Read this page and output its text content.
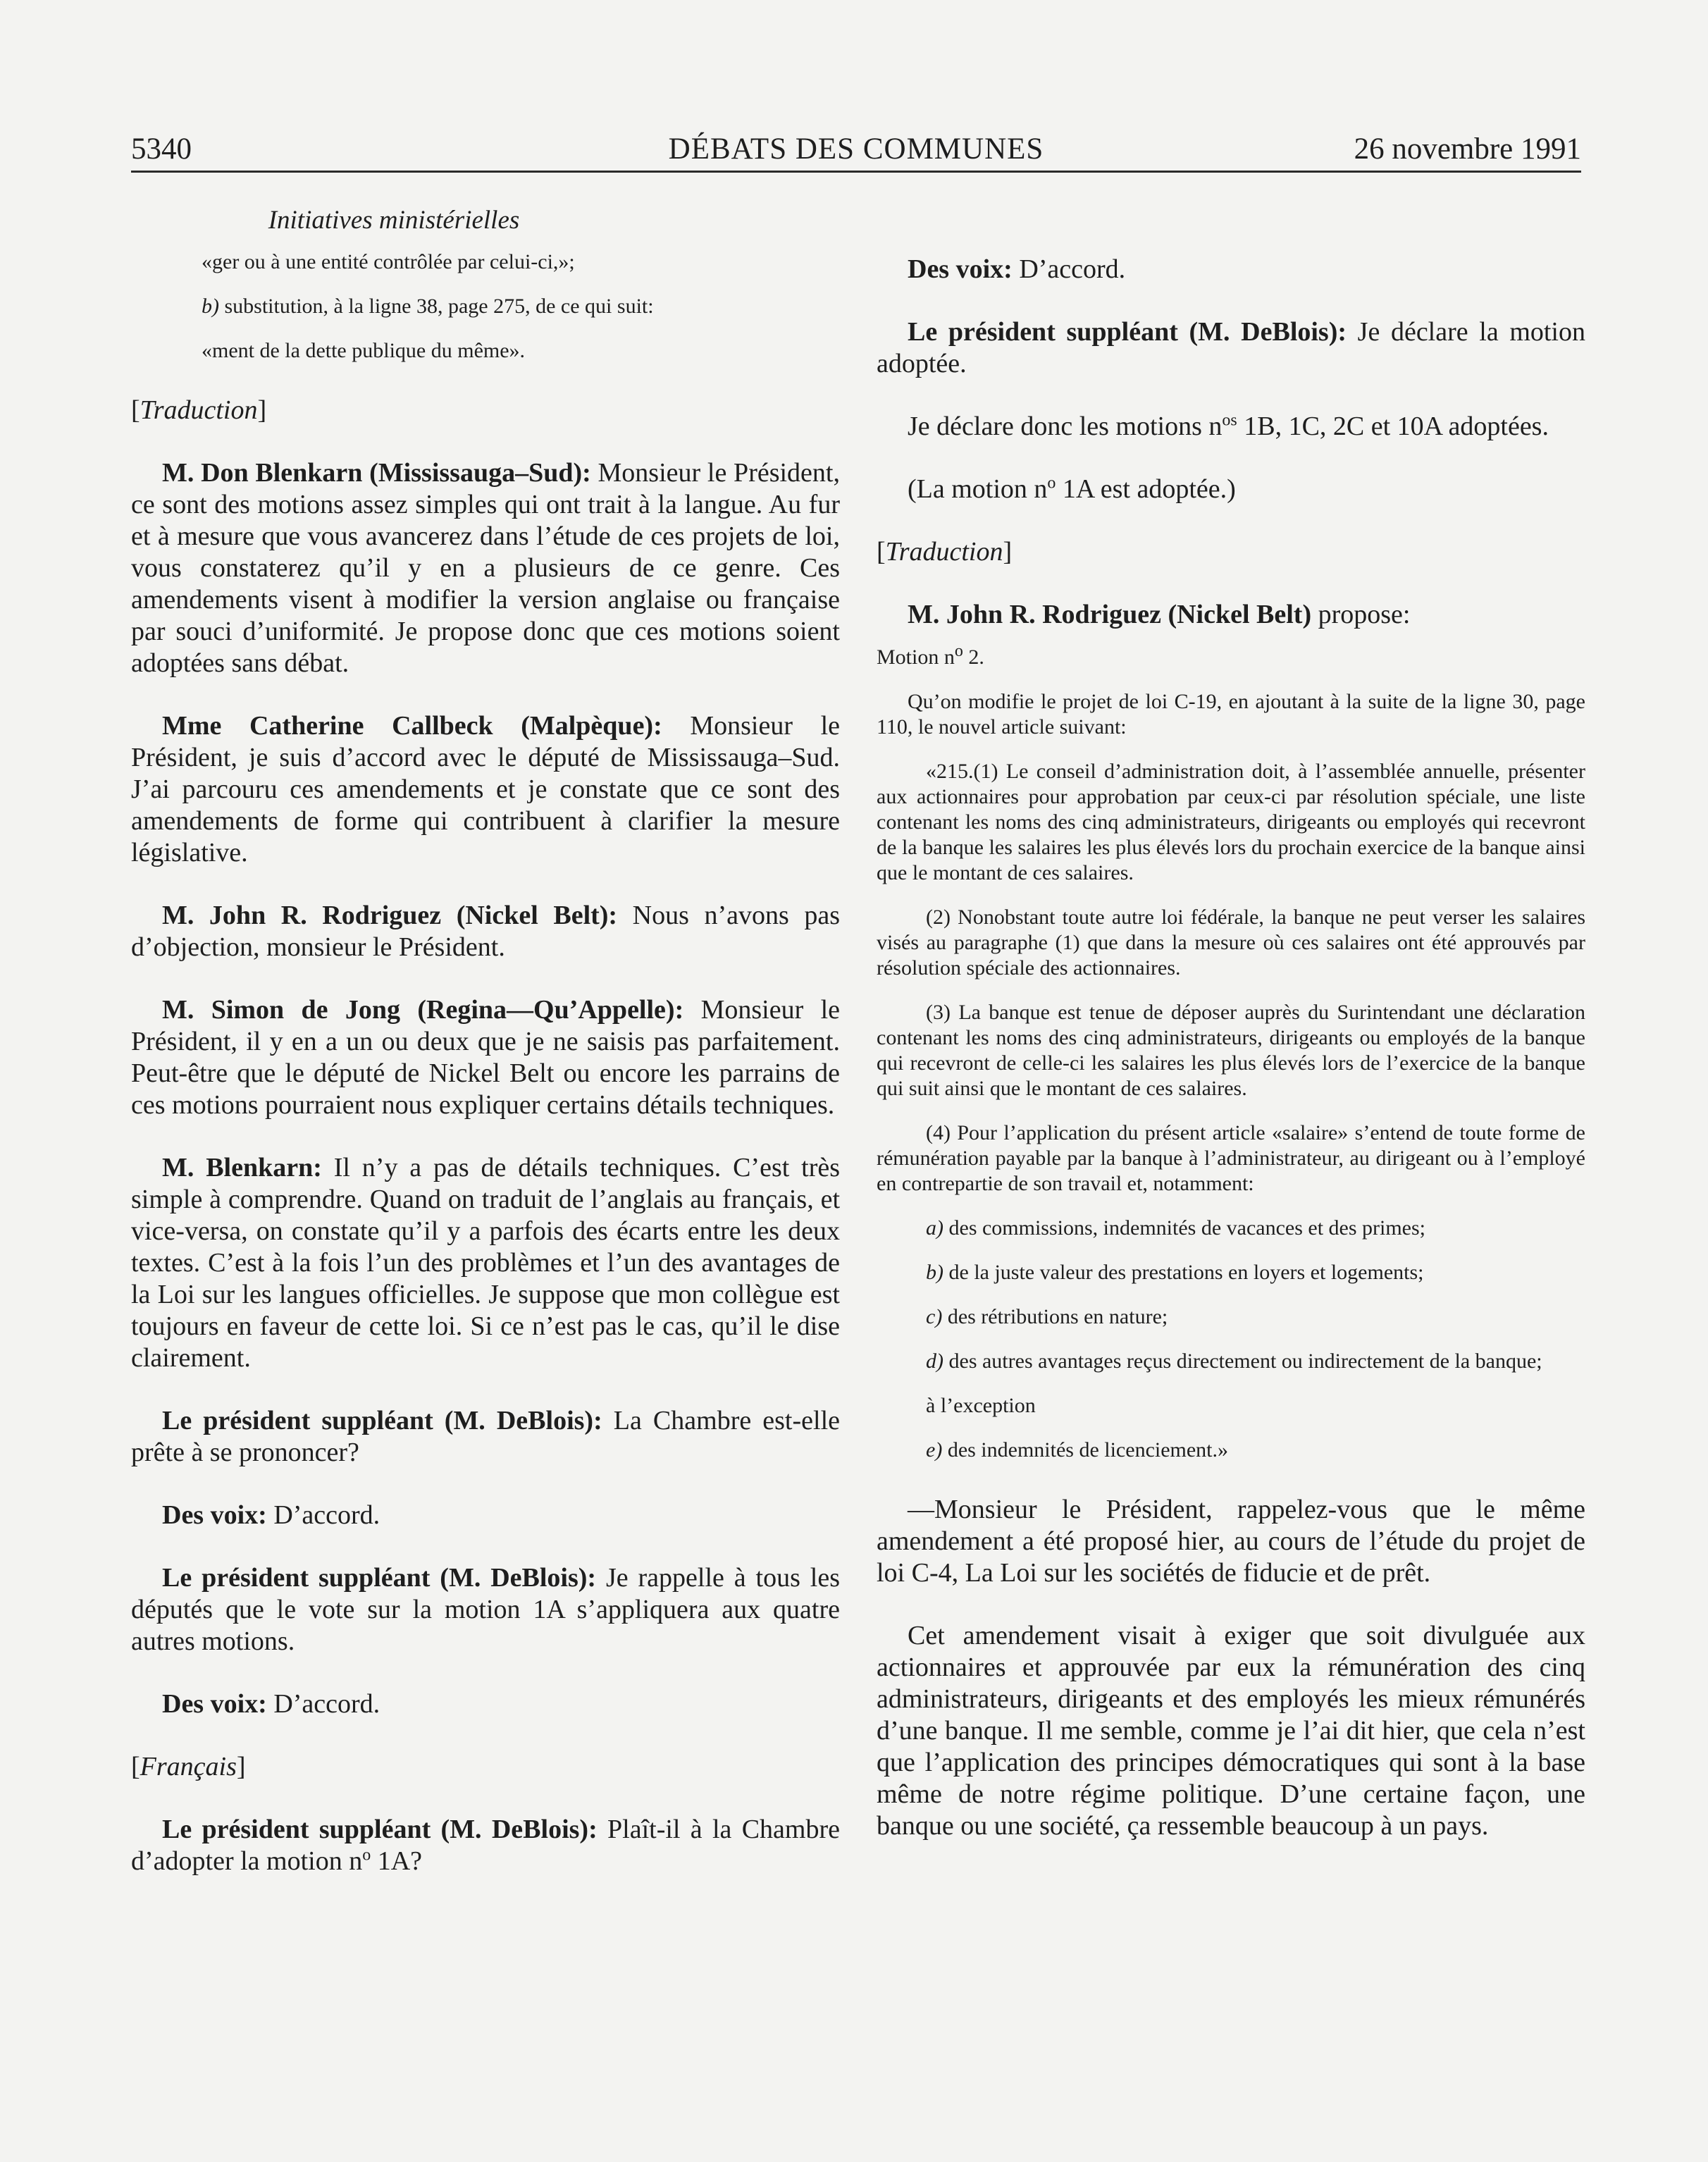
5340	DÉBATS DES COMMUNES	26 novembre 1991
Initiatives ministérielles

«ger ou à une entité contrôlée par celui-ci,»;

b) substitution, à la ligne 38, page 275, de ce qui suit:

«ment de la dette publique du même».

[Traduction]

M. Don Blenkarn (Mississauga–Sud): Monsieur le Président, ce sont des motions assez simples qui ont trait à la langue. Au fur et à mesure que vous avancerez dans l’étude de ces projets de loi, vous constaterez qu’il y en a plusieurs de ce genre. Ces amendements visent à modifier la version anglaise ou française par souci d’uniformité. Je propose donc que ces motions soient adoptées sans débat.

Mme Catherine Callbeck (Malpèque): Monsieur le Président, je suis d’accord avec le député de Mississauga–Sud. J’ai parcouru ces amendements et je constate que ce sont des amendements de forme qui contribuent à clarifier la mesure législative.

M. John R. Rodriguez (Nickel Belt): Nous n’avons pas d’objection, monsieur le Président.

M. Simon de Jong (Regina—Qu’Appelle): Monsieur le Président, il y en a un ou deux que je ne saisis pas parfaitement. Peut-être que le député de Nickel Belt ou encore les parrains de ces motions pourraient nous expliquer certains détails techniques.

M. Blenkarn: Il n’y a pas de détails techniques. C’est très simple à comprendre. Quand on traduit de l’anglais au français, et vice-versa, on constate qu’il y a parfois des écarts entre les deux textes. C’est à la fois l’un des problèmes et l’un des avantages de la Loi sur les langues officielles. Je suppose que mon collègue est toujours en faveur de cette loi. Si ce n’est pas le cas, qu’il le dise clairement.

Le président suppléant (M. DeBlois): La Chambre est-elle prête à se prononcer?

Des voix: D’accord.

Le président suppléant (M. DeBlois): Je rappelle à tous les députés que le vote sur la motion 1A s’appliquera aux quatre autres motions.

Des voix: D’accord.

[Français]

Le président suppléant (M. DeBlois): Plaît-il à la Chambre d’adopter la motion $n^o$ 1A?

Des voix: D’accord.

Le président suppléant (M. DeBlois): Je déclare la motion adoptée.

Je déclare donc les motions $n^{os}$ 1B, 1C, 2C et 10A adoptées.

(La motion $n^o$ 1A est adoptée.)

[Traduction]

M. John R. Rodriguez (Nickel Belt) propose:

Motion $n^o$ 2.

Qu’on modifie le projet de loi C-19, en ajoutant à la suite de la ligne 30, page 110, le nouvel article suivant:

«215.(1) Le conseil d’administration doit, à l’assemblée annuelle, présenter aux actionnaires pour approbation par ceux-ci par résolution spéciale, une liste contenant les noms des cinq administrateurs, dirigeants ou employés qui recevront de la banque les salaires les plus élevés lors du prochain exercice de la banque ainsi que le montant de ces salaires.

(2) Nonobstant toute autre loi fédérale, la banque ne peut verser les salaires visés au paragraphe (1) que dans la mesure où ces salaires ont été approuvés par résolution spéciale des actionnaires.

(3) La banque est tenue de déposer auprès du Surintendant une déclaration contenant les noms des cinq administrateurs, dirigeants ou employés de la banque qui recevront de celle-ci les salaires les plus élevés lors de l’exercice de la banque qui suit ainsi que le montant de ces salaires.

(4) Pour l’application du présent article «salaire» s’entend de toute forme de rémunération payable par la banque à l’administrateur, au dirigeant ou à l’employé en contrepartie de son travail et, notamment:

a) des commissions, indemnités de vacances et des primes;

b) de la juste valeur des prestations en loyers et logements;

c) des rétributions en nature;

d) des autres avantages reçus directement ou indirectement de la banque;

à l’exception

e) des indemnités de licenciement.»

—Monsieur le Président, rappelez-vous que le même amendement a été proposé hier, au cours de l’étude du projet de loi C-4, La Loi sur les sociétés de fiducie et de prêt.

Cet amendement visait à exiger que soit divulguée aux actionnaires et approuvée par eux la rémunération des cinq administrateurs, dirigeants et des employés les mieux rémunérés d’une banque. Il me semble, comme je l’ai dit hier, que cela n’est que l’application des principes démocratiques qui sont à la base même de notre régime politique. D’une certaine façon, une banque ou une société, ça ressemble beaucoup à un pays.
